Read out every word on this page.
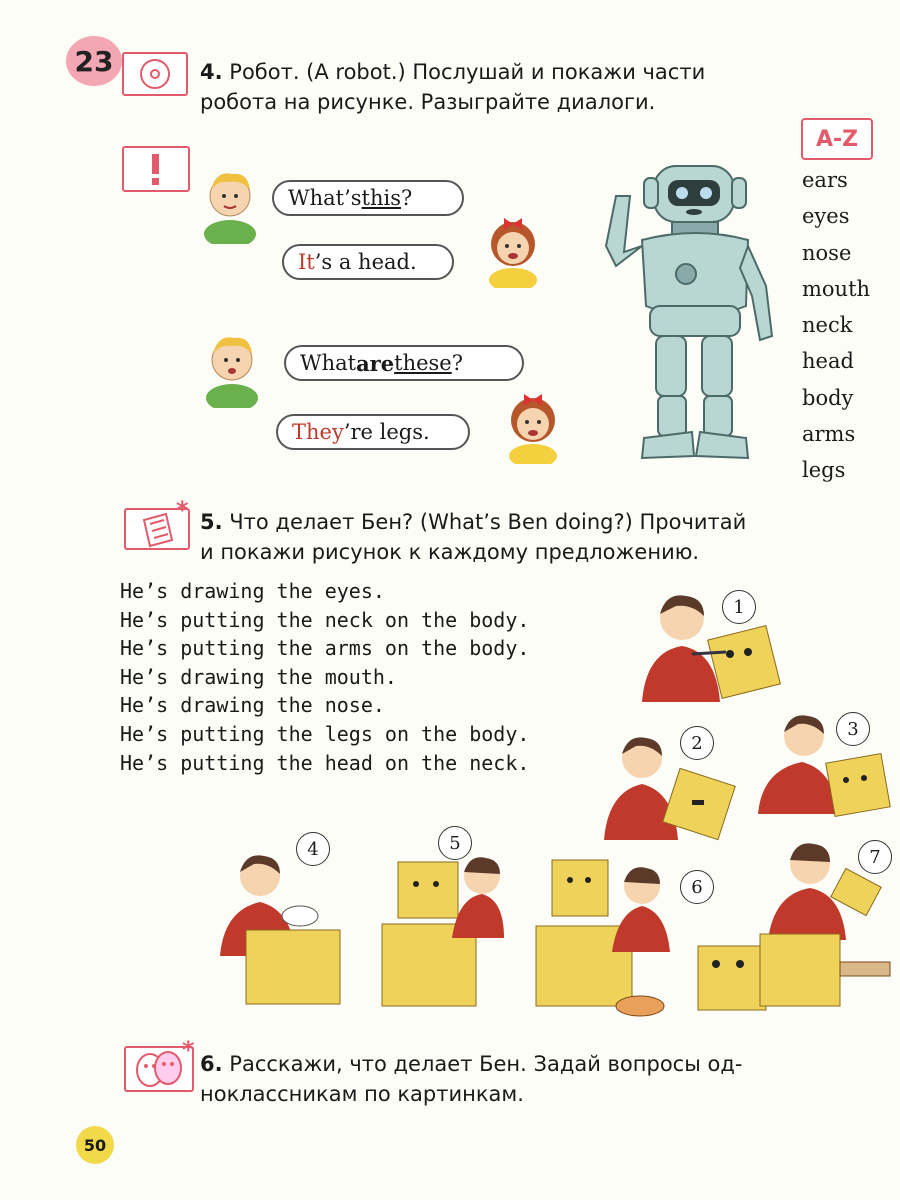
23	4. Робот. (A robot.) Послушай и покажи части
робота на рисунке. Разыграйте диалоги.
What’s this ?
It ’s a head.
What are these ?
They ’re legs.
A-Z
ears
eyes
nose
mouth
neck
head
body
arms
legs
* 5. Что делает Бен? (What’s Ben doing?) Прочитай
и покажи рисунок к каждому предложению.
He’s drawing the eyes.
He’s putting the neck on the body.
He’s putting the arms on the body.
He’s drawing the mouth.
He’s drawing the nose.
He’s putting the legs on the body.
He’s putting the head on the neck.
1
2
3
4	5
6
7
* 6. Расскажи, что делает Бен. Задай вопросы од-
ноклассникам по картинкам.
50
